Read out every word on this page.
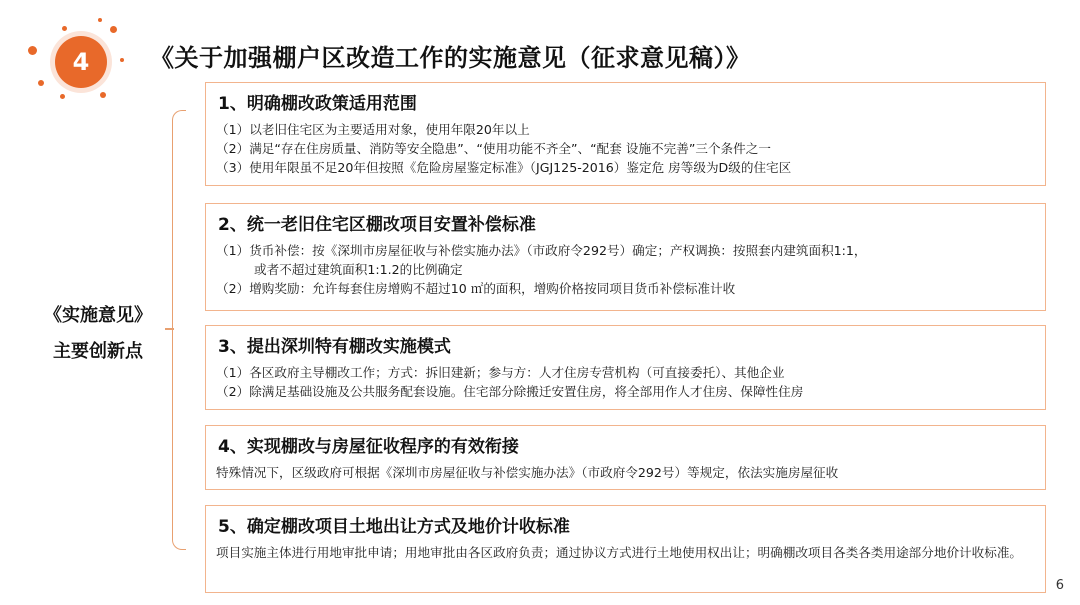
4	《关于加强棚户区改造工作的实施意见（征求意见稿）》
《实施意见》
主要创新点
1、明确棚改政策适用范围

（1）以老旧住宅区为主要适用对象，使用年限20年以上

（2）满足“存在住房质量、消防等安全隐患”、“使用功能不齐全”、“配套 设施不完善”三个条件之一

（3）使用年限虽不足20年但按照《危险房屋鉴定标准》（JGJ125-2016）鉴定危 房等级为D级的住宅区

2、统一老旧住宅区棚改项目安置补偿标准

（1）货币补偿：按《深圳市房屋征收与补偿实施办法》（市政府令292号）确定；产权调换：按照套内建筑面积1:1，

或者不超过建筑面积1:1.2的比例确定

（2）增购奖励：允许每套住房增购不超过10 ㎡的面积，增购价格按同项目货币补偿标准计收

3、提出深圳特有棚改实施模式

（1）各区政府主导棚改工作；方式：拆旧建新；参与方：人才住房专营机构（可直接委托）、其他企业

（2）除满足基础设施及公共服务配套设施。住宅部分除搬迁安置住房，将全部用作人才住房、保障性住房

4、实现棚改与房屋征收程序的有效衔接

特殊情况下，区级政府可根据《深圳市房屋征收与补偿实施办法》（市政府令292号）等规定，依法实施房屋征收

5、确定棚改项目土地出让方式及地价计收标准

项目实施主体进行用地审批申请；用地审批由各区政府负责；通过协议方式进行土地使用权出让；明确棚改项目各类各类用途部分地价计收标准。

6
